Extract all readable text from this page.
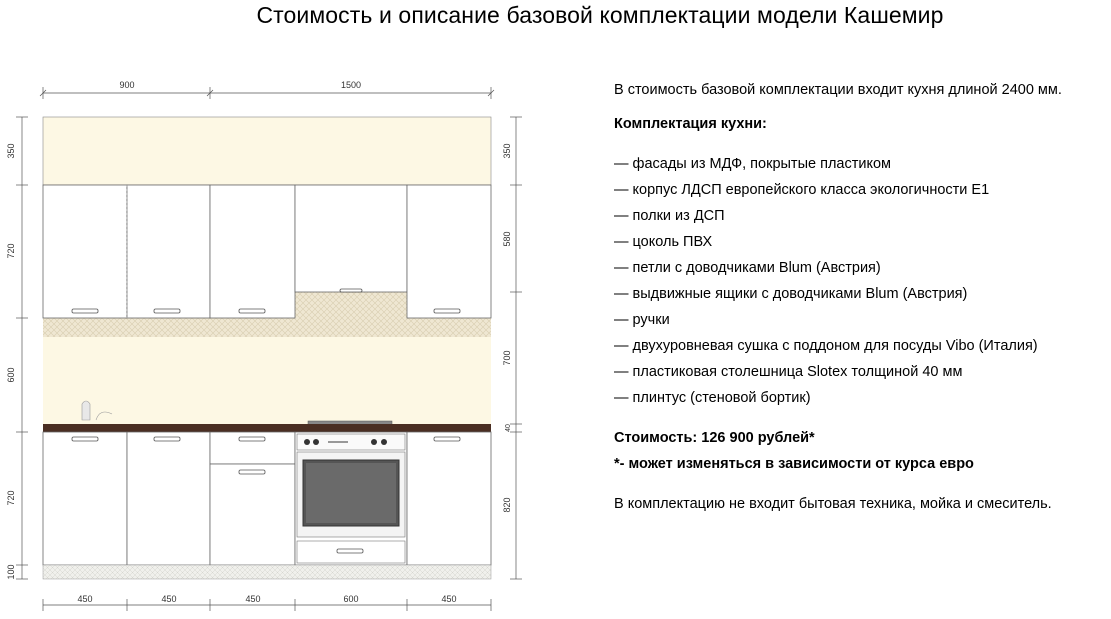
Стоимость и описание базовой комплектации модели Кашемир
900	1500
450	450	450	600	450
350
720
600
720
100
350
580
700
40
820

В стоимость базовой комплектации входит кухня длиной 2400 мм.

Комплектация кухни:

— фасады из МДФ, покрытые пластиком
— корпус ЛДСП европейского класса экологичности Е1
— полки из ДСП
— цоколь ПВХ
— петли с доводчиками Blum (Австрия)
— выдвижные ящики с доводчиками Blum (Австрия)
— ручки
— двухуровневая сушка с поддоном для посуды Vibo (Италия)
— пластиковая столешница Slotex толщиной 40 мм
— плинтус (стеновой бортик)

Стоимость: 126 900 рублей*

*- может изменяться в зависимости от курса евро

В комплектацию не входит бытовая техника, мойка и смеситель.
